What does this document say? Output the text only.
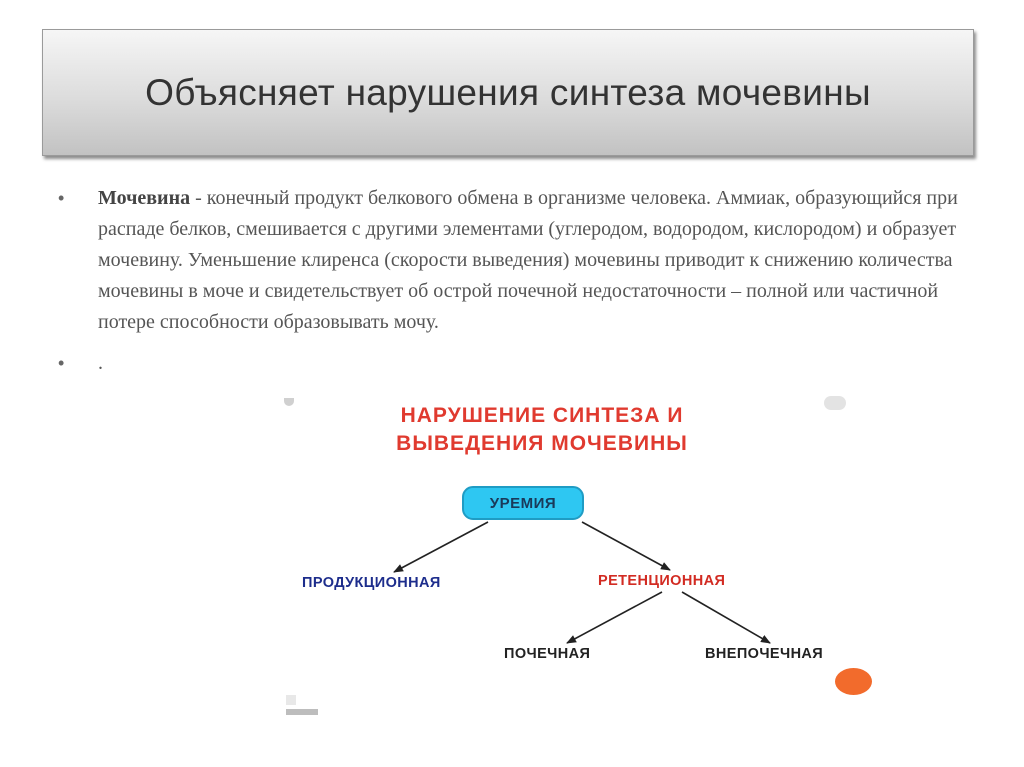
Объясняет нарушения синтеза мочевины
• Мочевина - конечный продукт белкового обмена в организме человека. Аммиак, образующийся при распаде белков, смешивается с другими элементами (углеродом, водородом, кислородом) и образует мочевину. Уменьшение клиренса (скорости выведения) мочевины приводит к снижению количества мочевины в моче и свидетельствует об острой почечной недостаточности – полной или частичной потере способности образовывать мочу.
• .
НАРУШЕНИЕ СИНТЕЗА И
ВЫВЕДЕНИЯ МОЧЕВИНЫ
УРЕМИЯ
ПРОДУКЦИОННАЯ	РЕТЕНЦИОННАЯ
ПОЧЕЧНАЯ	ВНЕПОЧЕЧНАЯ
